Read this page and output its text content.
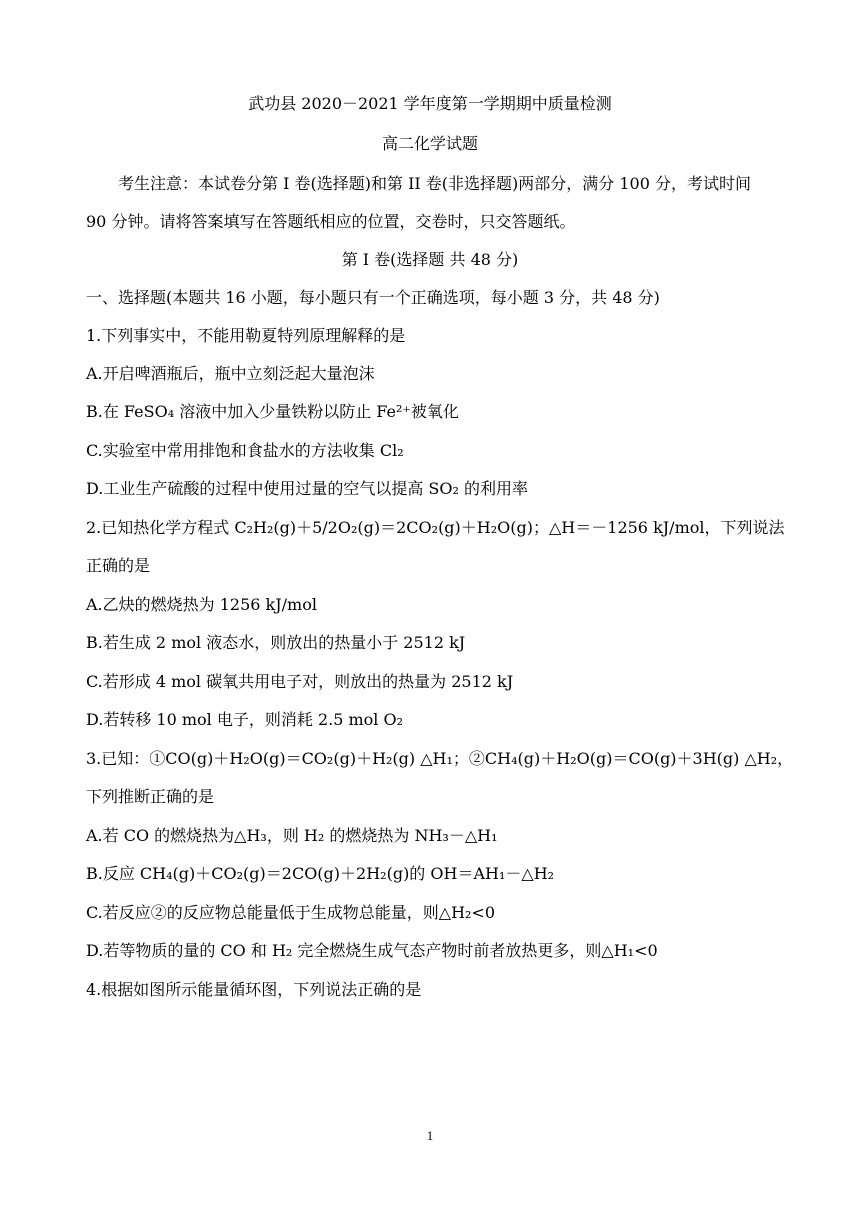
武功县 2020－2021 学年度第一学期期中质量检测
高二化学试题
考生注意：本试卷分第 I 卷(选择题)和第 II 卷(非选择题)两部分，满分 100 分，考试时间
90 分钟。请将答案填写在答题纸相应的位置，交卷时，只交答题纸。
第 I 卷(选择题 共 48 分)
一、选择题(本题共 16 小题，每小题只有一个正确选项，每小题 3 分，共 48 分)
1.下列事实中，不能用勒夏特列原理解释的是
A.开启啤酒瓶后，瓶中立刻泛起大量泡沫
B.在 FeSO₄ 溶液中加入少量铁粉以防止 Fe²⁺被氧化
C.实验室中常用排饱和食盐水的方法收集 Cl₂
D.工业生产硫酸的过程中使用过量的空气以提高 SO₂ 的利用率
2.已知热化学方程式 C₂H₂(g)＋5/2O₂(g)＝2CO₂(g)＋H₂O(g)；△H＝－1256 kJ/mol，下列说法
正确的是
A.乙炔的燃烧热为 1256 kJ/mol
B.若生成 2 mol 液态水，则放出的热量小于 2512 kJ
C.若形成 4 mol 碳氧共用电子对，则放出的热量为 2512 kJ
D.若转移 10 mol 电子，则消耗 2.5 mol O₂
3.已知：①CO(g)＋H₂O(g)＝CO₂(g)＋H₂(g) △H₁；②CH₄(g)＋H₂O(g)＝CO(g)＋3H(g) △H₂，
下列推断正确的是
A.若 CO 的燃烧热为△H₃，则 H₂ 的燃烧热为 NH₃－△H₁
B.反应 CH₄(g)＋CO₂(g)＝2CO(g)＋2H₂(g)的 OH＝AH₁－△H₂
C.若反应②的反应物总能量低于生成物总能量，则△H₂<0
D.若等物质的量的 CO 和 H₂ 完全燃烧生成气态产物时前者放热更多，则△H₁<0
4.根据如图所示能量循环图，下列说法正确的是
1
